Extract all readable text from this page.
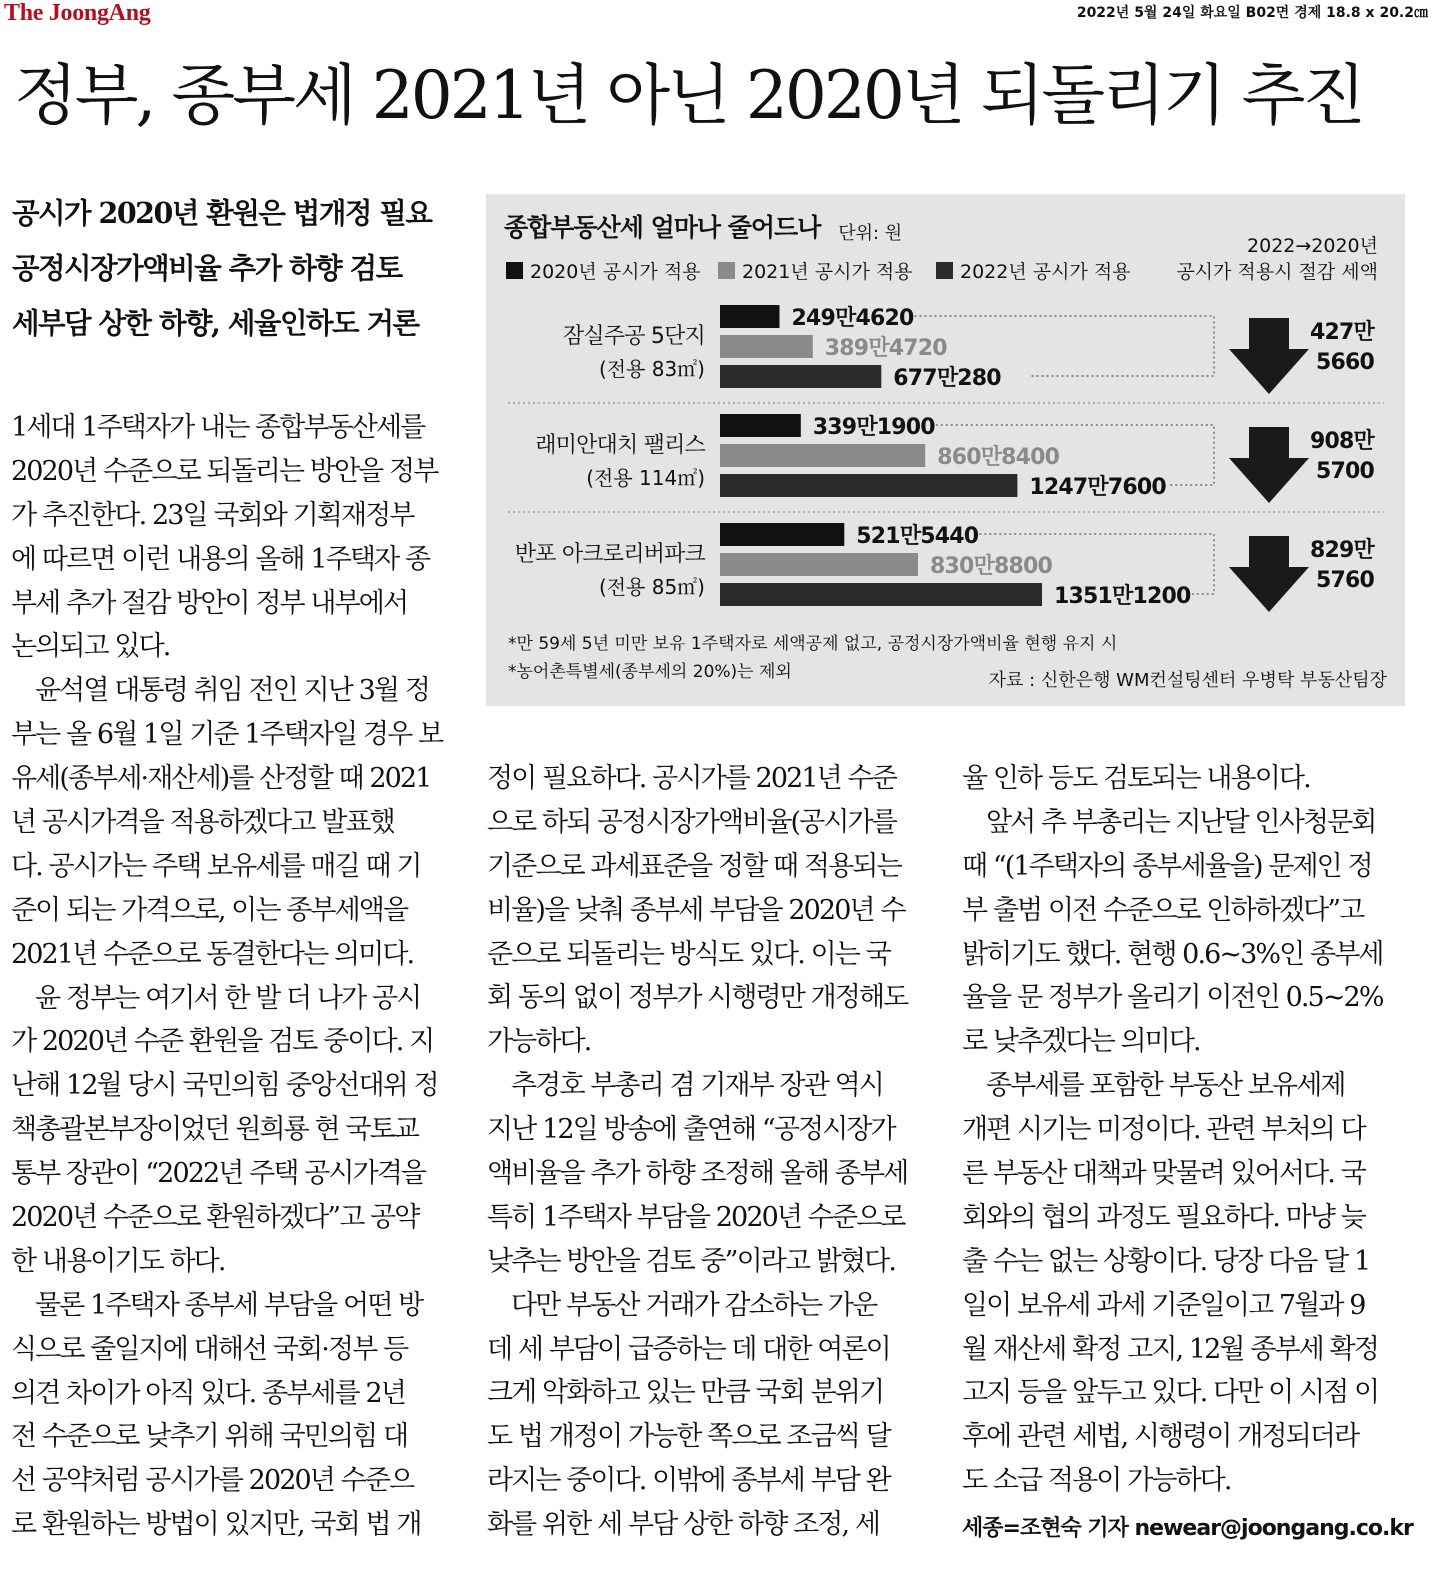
The JoongAng	2022년 5월 24일 화요일 B02면 경제 18.8 x 20.2㎝
정부, 종부세 2021년 아닌 2020년 되돌리기 추진
공시가 2020년 환원은 법개정 필요
공정시장가액비율 추가 하향 검토
세부담 상한 하향, 세율인하도 거론
종합부동산세 얼마나 줄어드나 단위: 원
2022→2020년
공시가 적용시 절감 세액
2020년 공시가 적용 2021년 공시가 적용 2022년 공시가 적용
잠실주공 5단지
(전용 83㎡)
249만4620
389만4720
677만280
427만
5660
래미안대치 팰리스
(전용 114㎡)
339만1900
860만8400
1247만7600
908만
5700
반포 아크로리버파크
(전용 85㎡)
521만5440
830만8800
1351만1200
829만
5760
*만 59세 5년 미만 보유 1주택자로 세액공제 없고, 공정시장가액비율 현행 유지 시
*농어촌특별세(종부세의 20%)는 제외	자료 : 신한은행 WM컨설팅센터 우병탁 부동산팀장
1세대 1주택자가 내는 종합부동산세를
2020년 수준으로 되돌리는 방안을 정부
가 추진한다. 23일 국회와 기획재정부
에 따르면 이런 내용의 올해 1주택자 종
부세 추가 절감 방안이 정부 내부에서
논의되고 있다.
윤석열 대통령 취임 전인 지난 3월 정
부는 올 6월 1일 기준 1주택자일 경우 보
유세(종부세·재산세)를 산정할 때 2021
년 공시가격을 적용하겠다고 발표했
다. 공시가는 주택 보유세를 매길 때 기
준이 되는 가격으로, 이는 종부세액을
2021년 수준으로 동결한다는 의미다.
윤 정부는 여기서 한 발 더 나가 공시
가 2020년 수준 환원을 검토 중이다. 지
난해 12월 당시 국민의힘 중앙선대위 정
책총괄본부장이었던 원희룡 현 국토교
통부 장관이 “2022년 주택 공시가격을
2020년 수준으로 환원하겠다”고 공약
한 내용이기도 하다.
물론 1주택자 종부세 부담을 어떤 방
식으로 줄일지에 대해선 국회·정부 등
의견 차이가 아직 있다. 종부세를 2년
전 수준으로 낮추기 위해 국민의힘 대
선 공약처럼 공시가를 2020년 수준으
로 환원하는 방법이 있지만, 국회 법 개
정이 필요하다. 공시가를 2021년 수준
으로 하되 공정시장가액비율(공시가를
기준으로 과세표준을 정할 때 적용되는
비율)을 낮춰 종부세 부담을 2020년 수
준으로 되돌리는 방식도 있다. 이는 국
회 동의 없이 정부가 시행령만 개정해도
가능하다.
추경호 부총리 겸 기재부 장관 역시
지난 12일 방송에 출연해 “공정시장가
액비율을 추가 하향 조정해 올해 종부세
특히 1주택자 부담을 2020년 수준으로
낮추는 방안을 검토 중”이라고 밝혔다.
다만 부동산 거래가 감소하는 가운
데 세 부담이 급증하는 데 대한 여론이
크게 악화하고 있는 만큼 국회 분위기
도 법 개정이 가능한 쪽으로 조금씩 달
라지는 중이다. 이밖에 종부세 부담 완
화를 위한 세 부담 상한 하향 조정, 세
율 인하 등도 검토되는 내용이다.
앞서 추 부총리는 지난달 인사청문회
때 “(1주택자의 종부세율을) 문제인 정
부 출범 이전 수준으로 인하하겠다”고
밝히기도 했다. 현행 0.6~3%인 종부세
율을 문 정부가 올리기 이전인 0.5~2%
로 낮추겠다는 의미다.
종부세를 포함한 부동산 보유세제
개편 시기는 미정이다. 관련 부처의 다
른 부동산 대책과 맞물려 있어서다. 국
회와의 협의 과정도 필요하다. 마냥 늦
출 수는 없는 상황이다. 당장 다음 달 1
일이 보유세 과세 기준일이고 7월과 9
월 재산세 확정 고지, 12월 종부세 확정
고지 등을 앞두고 있다. 다만 이 시점 이
후에 관련 세법, 시행령이 개정되더라
도 소급 적용이 가능하다.
세종=조현숙 기자 newear@joongang.co.kr
